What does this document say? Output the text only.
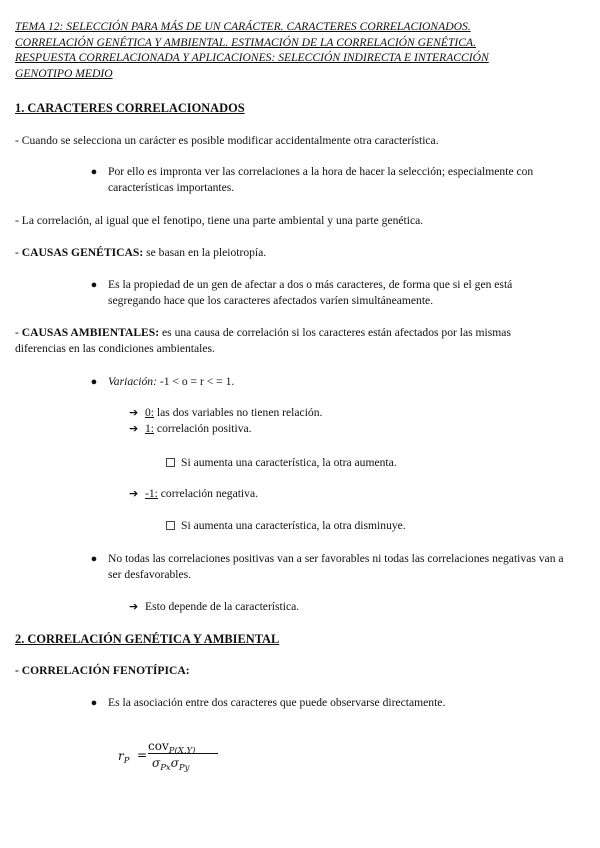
TEMA 12: SELECCIÓN PARA MÁS DE UN CARÁCTER. CARACTERES CORRELACIONADOS.
CORRELACIÓN GENÉTICA Y AMBIENTAL. ESTIMACIÓN DE LA CORRELACIÓN GENÉTICA.
RESPUESTA CORRELACIONADA Y APLICACIONES: SELECCIÓN INDIRECTA E INTERACCIÓN
GENOTIPO MEDIO
1. CARACTERES CORRELACIONADOS
- Cuando se selecciona un carácter es posible modificar accidentalmente otra característica.
● Por ello es impronta ver las correlaciones a la hora de hacer la selección; especialmente con
características importantes.
- La correlación, al igual que el fenotipo, tiene una parte ambiental y una parte genética.
- CAUSAS GENÉTICAS: se basan en la pleiotropía.
● Es la propiedad de un gen de afectar a dos o más caracteres, de forma que si el gen está
segregando hace que los caracteres afectados varíen simultáneamente.
- CAUSAS AMBIENTALES: es una causa de correlación si los caracteres están afectados por las mismas
diferencias en las condiciones ambientales.
● Variación: -1 < o = r < = 1.
➔ 0: las dos variables no tienen relación.
➔ 1: correlación positiva.
Si aumenta una característica, la otra aumenta.
➔ -1: correlación negativa.
Si aumenta una característica, la otra disminuye.
● No todas las correlaciones positivas van a ser favorables ni todas las correlaciones negativas van a
ser desfavorables.
➔ Esto depende de la característica.
2. CORRELACIÓN GENÉTICA Y AMBIENTAL
- CORRELACIÓN FENOTÍPICA:
● Es la asociación entre dos caracteres que puede observarse directamente.
$r_P$ =
cov$_{P(X,Y)}$
$\sigma_{Px}\sigma_{Py}$
